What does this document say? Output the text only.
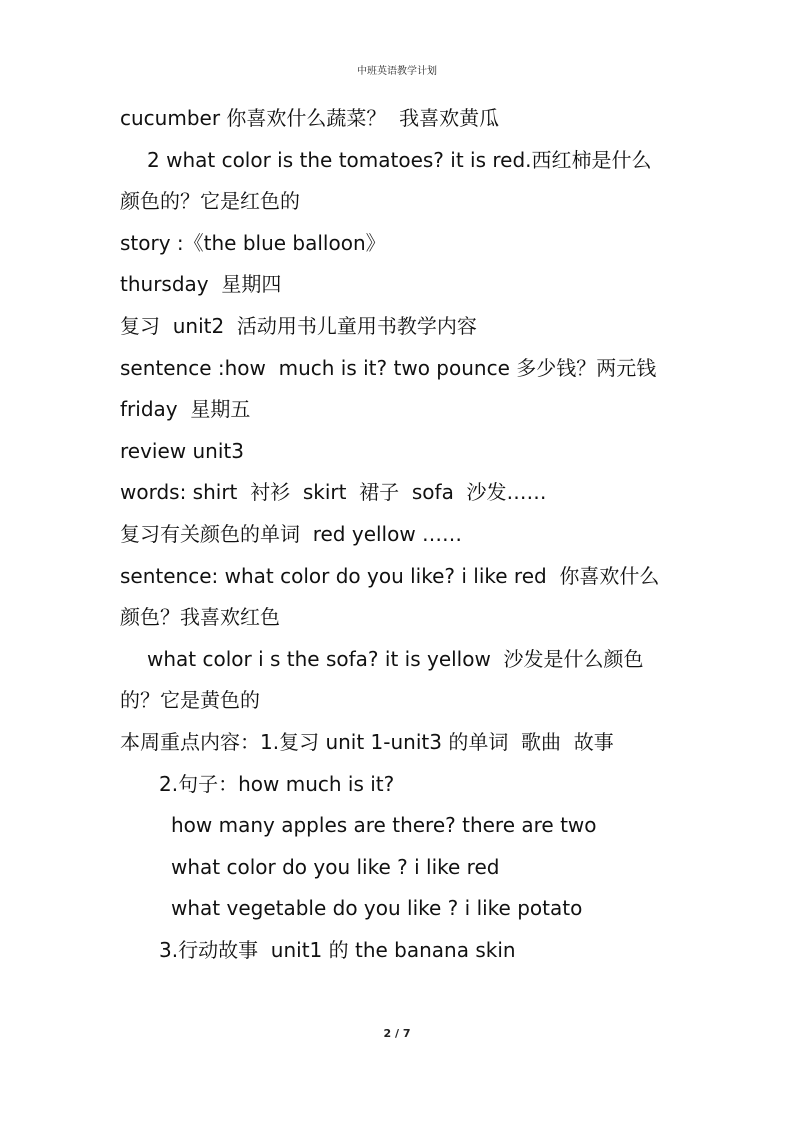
中班英语教学计划
cucumber 你喜欢什么蔬菜？  我喜欢黄瓜
2 what color is the tomatoes? it is red.西红柿是什么
颜色的？它是红色的
story :《the blue balloon》
thursday  星期四
复习  unit2  活动用书儿童用书教学内容
sentence :how  much is it? two pounce 多少钱？两元钱
friday  星期五
review unit3
words: shirt  衬衫  skirt  裙子  sofa  沙发……
复习有关颜色的单词  red yellow ……
sentence: what color do you like? i like red  你喜欢什么
颜色？我喜欢红色
what color i s the sofa? it is yellow  沙发是什么颜色
的？它是黄色的
本周重点内容：1.复习 unit 1-unit3 的单词  歌曲  故事
2.句子：how much is it?
how many apples are there? there are two
what color do you like ? i like red
what vegetable do you like ? i like potato
3.行动故事  unit1 的 the banana skin
2 / 7
